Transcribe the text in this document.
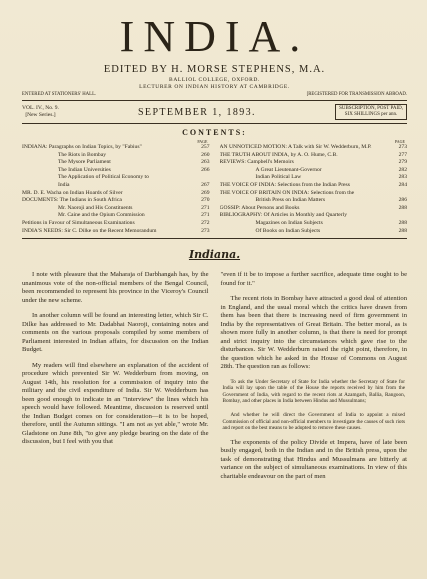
INDIA.
EDITED BY H. MORSE STEPHENS, M.A.
BALLIOL COLLEGE, OXFORD.
LECTURER ON INDIAN HISTORY AT CAMBRIDGE.
ENTERED AT STATIONERS' HALL.	[REGISTERED FOR TRANSMISSION ABROAD.
VOL. IV., No. 9.
[New Series.]	SEPTEMBER 1, 1893.	SUBSCRIPTION, POST PAID,
SIX SHILLINGS per ann.
CONTENTS:
PAGE
INDIANA: Paragraphs on Indian Topics, by "Fabius"	257
The Riots in Bombay	260
The Mysore Parliament	263
The Indian Universities	266
The Application of Political Economy to
India	267
MR. D. E. Wacha on Indian Hoards of Silver	269
DOCUMENTS: The Indians in South Africa	270
Mr. Naoroji and His Constituents	271
Mr. Caine and the Opium Commission	271
Petitions in Favour of Simultaneous Examinations	272
INDIA'S NEEDS: Sir C. Dilke on the Recent Memorandum	273
PAGE
AN UNNOTICED MOTION: A Talk with Sir W. Wedderburn, M.P.	273
THE TRUTH ABOUT INDIA, by A. O. Hume, C.B.	277
REVIEWS: Campbell's Memoirs	279
A Great Lieutenant-Governor	282
Indian Political Law	283
THE VOICE OF INDIA: Selections from the Indian Press	284
THE VOICE OF BRITAIN ON INDIA: Selections from the
British Press on Indian Matters	286
GOSSIP: About Persons and Books	288
BIBLIOGRAPHY: Of Articles in Monthly and Quarterly
Magazines on Indian Subjects	288
Of Books on Indian Subjects	288
Indiana.

I note with pleasure that the Maharaja of Darbhangah has, by the unanimous vote of the non-official members of the Bengal Council, been recommended to represent his province in the Viceroy's Council under the new scheme.

In another column will be found an interesting letter, which Sir C. Dilke has addressed to Mr. Dadabhai Naoroji, containing notes and comments on the various proposals compiled by some members of Parliament interested in Indian affairs, for discussion on the Indian Budget.

My readers will find elsewhere an explanation of the accident of procedure which prevented Sir W. Wedderburn from moving, on August 14th, his resolution for a commission of inquiry into the military and the civil expenditure of India. Sir W. Wedderburn has been good enough to indicate in an "interview" the lines which his speech would have followed. Meantime, discussion is reserved until the Indian Budget comes on for consideration—it is to be hoped, therefore, until the Autumn sittings. "I am not as yet able," wrote Mr. Gladstone on June 8th, "to give any pledge bearing on the date of the discussion, but I feel with you that

"even if it be to impose a further sacrifice, adequate time ought to be found for it."

The recent riots in Bombay have attracted a good deal of attention in England, and the usual moral which the critics have drawn from them has been that there is increasing need of firm government in India by the representatives of Great Britain. The better moral, as is shown more fully in another column, is that there is need for prompt and strict inquiry into the circumstances which gave rise to the disturbances. Sir W. Wedderburn raised the right point, therefore, in the question which he asked in the House of Commons on August 28th. The question ran as follows:

To ask the Under Secretary of State for India whether the Secretary of State for India will lay upon the table of the House the reports received by him from the Government of India, with regard to the recent riots at Azamgarh, Ballia, Rangoon, Bombay, and other places in India between Hindus and Mussulmans;

And whether he will direct the Government of India to appoint a mixed Commission of official and non-official members to investigate the causes of such riots and report on the best means to be adopted to remove these causes.

The exponents of the policy Divide et Impera, have of late been busily engaged, both in the Indian and in the British press, upon the task of demonstrating that Hindus and Mussulmans are bitterly at variance on the subject of simultaneous examinations. In view of this charitable endeavour on the part of men
